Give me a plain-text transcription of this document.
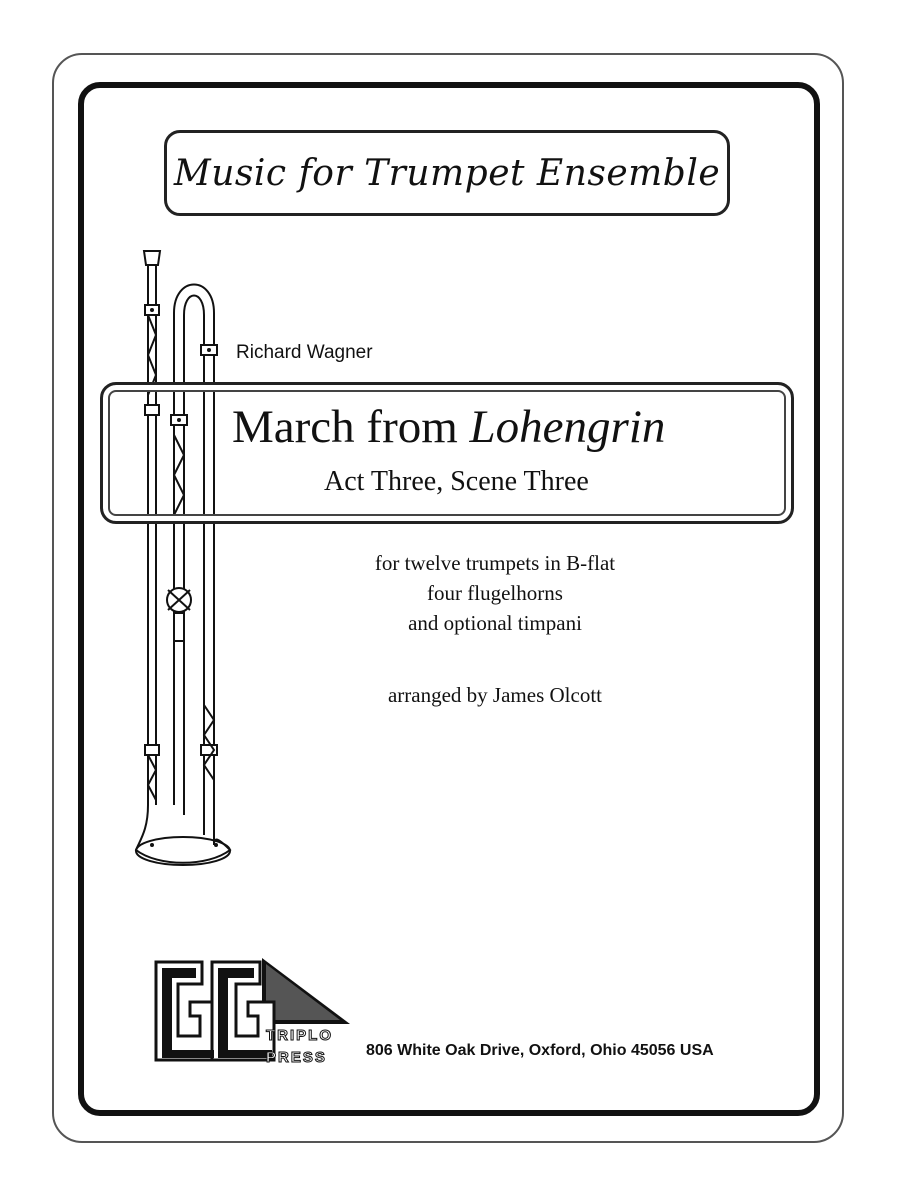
Music for Trumpet Ensemble
Richard Wagner
March from Lohengrin
Act Three, Scene Three
for twelve trumpets in B-flat
four flugelhorns
and optional timpani
arranged by James Olcott
TRIPLO
PRESS 806 White Oak Drive, Oxford, Ohio 45056 USA
